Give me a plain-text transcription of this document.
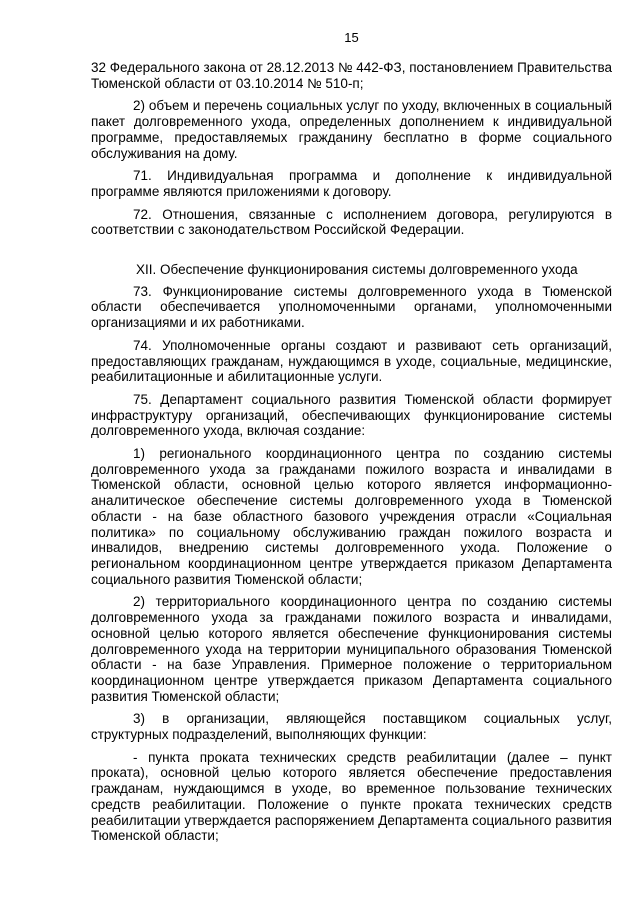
15

32 Федерального закона от 28.12.2013 № 442-ФЗ, постановлением Правительства Тюменской области от 03.10.2014 № 510-п;

2) объем и перечень социальных услуг по уходу, включенных в социальный пакет долговременного ухода, определенных дополнением к индивидуальной программе, предоставляемых гражданину бесплатно в форме социального обслуживания на дому.

71. Индивидуальная программа и дополнение к индивидуальной программе являются приложениями к договору.

72. Отношения, связанные с исполнением договора, регулируются в соответствии с законодательством Российской Федерации.

XII. Обеспечение функционирования системы долговременного ухода

73. Функционирование системы долговременного ухода в Тюменской области обеспечивается уполномоченными органами, уполномоченными организациями и их работниками.

74. Уполномоченные органы создают и развивают сеть организаций, предоставляющих гражданам, нуждающимся в уходе, социальные, медицинские, реабилитационные и абилитационные услуги.

75. Департамент социального развития Тюменской области формирует инфраструктуру организаций, обеспечивающих функционирование системы долговременного ухода, включая создание:

1) регионального координационного центра по созданию системы долговременного ухода за гражданами пожилого возраста и инвалидами в Тюменской области, основной целью которого является информационно-аналитическое обеспечение системы долговременного ухода в Тюменской области - на базе областного базового учреждения отрасли «Социальная политика» по социальному обслуживанию граждан пожилого возраста и инвалидов, внедрению системы долговременного ухода. Положение о региональном координационном центре утверждается приказом Департамента социального развития Тюменской области;

2) территориального координационного центра по созданию системы долговременного ухода за гражданами пожилого возраста и инвалидами, основной целью которого является обеспечение функционирования системы долговременного ухода на территории муниципального образования Тюменской области - на базе Управления. Примерное положение о территориальном координационном центре утверждается приказом Департамента социального развития Тюменской области;

3) в организации, являющейся поставщиком социальных услуг, структурных подразделений, выполняющих функции:

- пункта проката технических средств реабилитации (далее – пункт проката), основной целью которого является обеспечение предоставления гражданам, нуждающимся в уходе, во временное пользование технических средств реабилитации. Положение о пункте проката технических средств реабилитации утверждается распоряжением Департамента социального развития Тюменской области;
